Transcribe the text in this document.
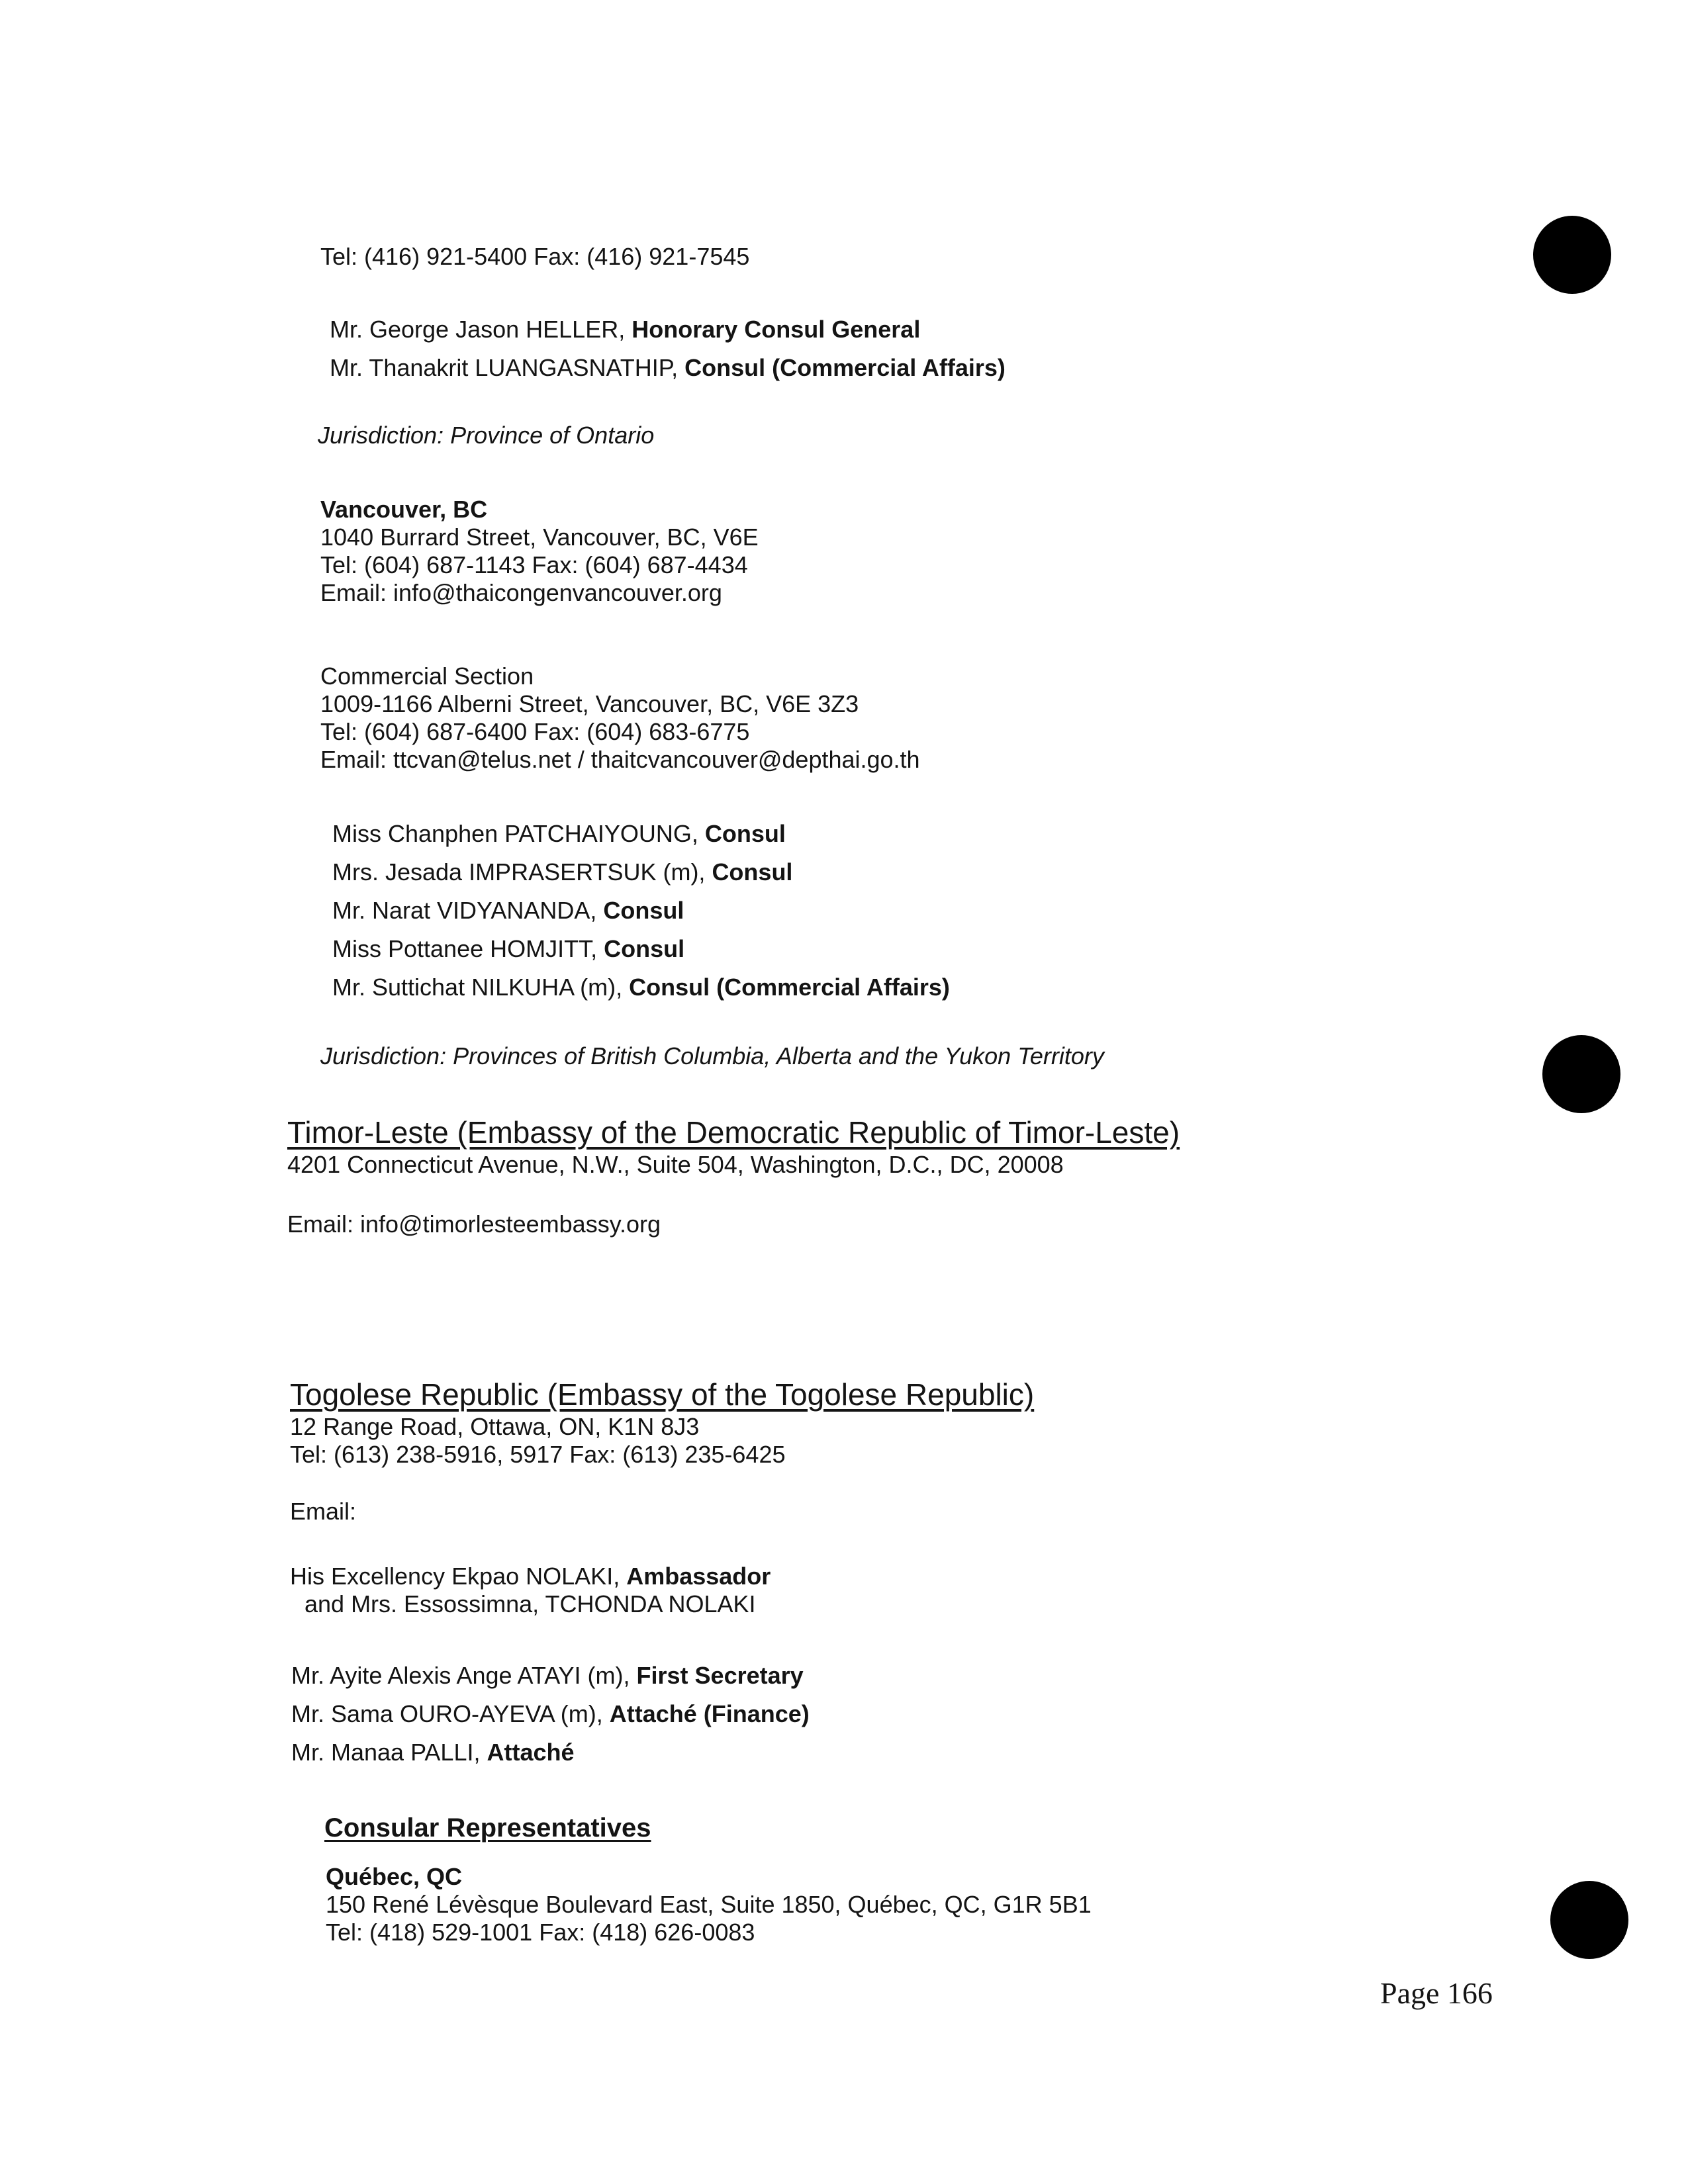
Tel: (416) 921-5400 Fax: (416) 921-7545
Mr. George Jason HELLER, Honorary Consul General
Mr. Thanakrit LUANGASNATHIP, Consul (Commercial Affairs)
Jurisdiction: Province of Ontario
Vancouver, BC
1040 Burrard Street, Vancouver, BC, V6E
Tel: (604) 687-1143 Fax: (604) 687-4434
Email: info@thaicongenvancouver.org
Commercial Section
1009-1166 Alberni Street, Vancouver, BC, V6E 3Z3
Tel: (604) 687-6400 Fax: (604) 683-6775
Email: ttcvan@telus.net / thaitcvancouver@depthai.go.th
Miss Chanphen PATCHAIYOUNG, Consul
Mrs. Jesada IMPRASERTSUK (m), Consul
Mr. Narat VIDYANANDA, Consul
Miss Pottanee HOMJITT, Consul
Mr. Suttichat NILKUHA (m), Consul (Commercial Affairs)
Jurisdiction: Provinces of British Columbia, Alberta and the Yukon Territory
Timor-Leste (Embassy of the Democratic Republic of Timor-Leste)
4201 Connecticut Avenue, N.W., Suite 504, Washington, D.C., DC, 20008
Email: info@timorlesteembassy.org
Togolese Republic (Embassy of the Togolese Republic)
12 Range Road, Ottawa, ON, K1N 8J3
Tel: (613) 238-5916, 5917 Fax: (613) 235-6425
Email:
His Excellency Ekpao NOLAKI, Ambassador
and Mrs. Essossimna, TCHONDA NOLAKI
Mr. Ayite Alexis Ange ATAYI (m), First Secretary
Mr. Sama OURO-AYEVA (m), Attaché (Finance)
Mr. Manaa PALLI, Attaché
Consular Representatives
Québec, QC
150 René Lévèsque Boulevard East, Suite 1850, Québec, QC, G1R 5B1
Tel: (418) 529-1001 Fax: (418) 626-0083
Page 166
